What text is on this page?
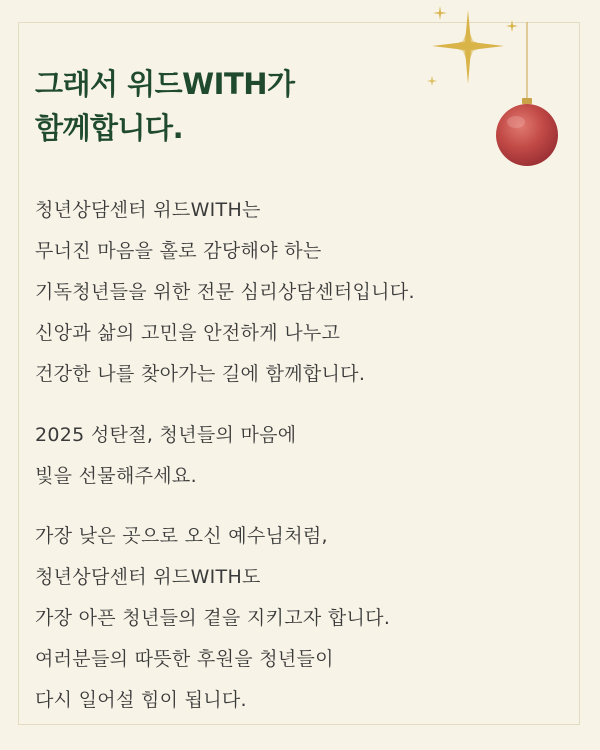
그래서 위드WITH가
함께합니다.
청년상담센터 위드WITH는
무너진 마음을 홀로 감당해야 하는
기독청년들을 위한 전문 심리상담센터입니다.
신앙과 삶의 고민을 안전하게 나누고
건강한 나를 찾아가는 길에 함께합니다.
2025 성탄절, 청년들의 마음에
빛을 선물해주세요.
가장 낮은 곳으로 오신 예수님처럼,
청년상담센터 위드WITH도
가장 아픈 청년들의 곁을 지키고자 합니다.
여러분들의 따뜻한 후원을 청년들이
다시 일어설 힘이 됩니다.
